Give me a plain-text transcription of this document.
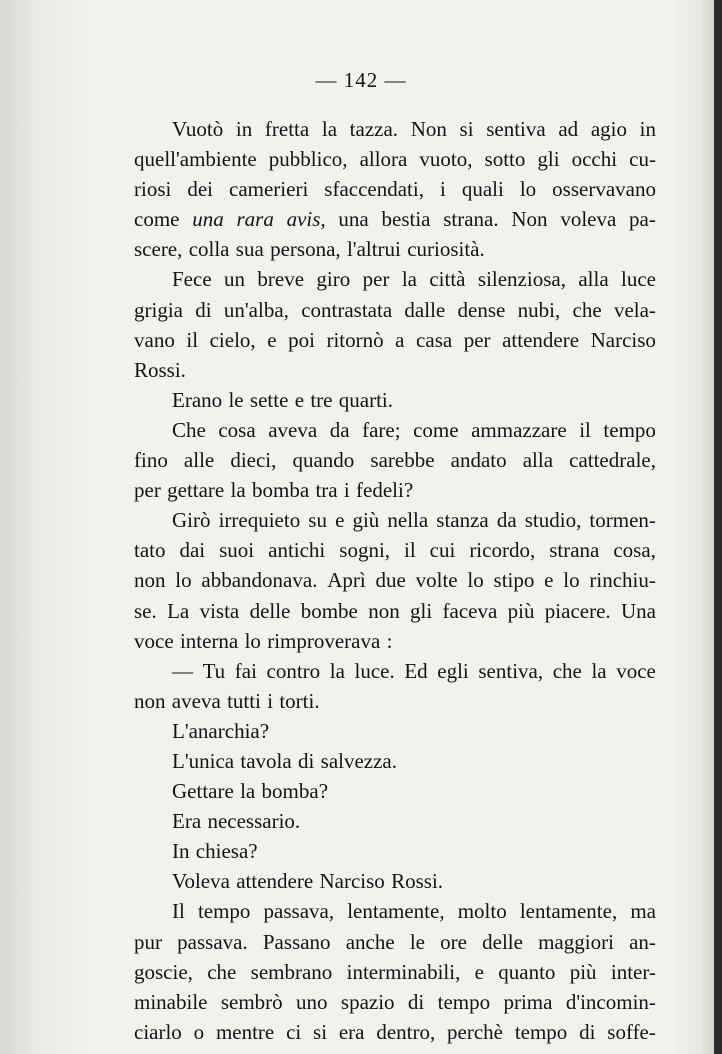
— 142 —
Vuotò in fretta la tazza. Non si sentiva ad agio in
quell'ambiente pubblico, allora vuoto, sotto gli occhi cu-
riosi dei camerieri sfaccendati, i quali lo osservavano
come una rara avis, una bestia strana. Non voleva pa-
scere, colla sua persona, l'altrui curiosità.
Fece un breve giro per la città silenziosa, alla luce
grigia di un'alba, contrastata dalle dense nubi, che vela-
vano il cielo, e poi ritornò a casa per attendere Narciso
Rossi.
Erano le sette e tre quarti.
Che cosa aveva da fare; come ammazzare il tempo
fino alle dieci, quando sarebbe andato alla cattedrale,
per gettare la bomba tra i fedeli?
Girò irrequieto su e giù nella stanza da studio, tormen-
tato dai suoi antichi sogni, il cui ricordo, strana cosa,
non lo abbandonava. Aprì due volte lo stipo e lo rinchiu-
se. La vista delle bombe non gli faceva più piacere. Una
voce interna lo rimproverava :
— Tu fai contro la luce. Ed egli sentiva, che la voce
non aveva tutti i torti.
L'anarchia?
L'unica tavola di salvezza.
Gettare la bomba?
Era necessario.
In chiesa?
Voleva attendere Narciso Rossi.
Il tempo passava, lentamente, molto lentamente, ma
pur passava. Passano anche le ore delle maggiori an-
goscie, che sembrano interminabili, e quanto più inter-
minabile sembrò uno spazio di tempo prima d'incomin-
ciarlo o mentre ci si era dentro, perchè tempo di soffe-
